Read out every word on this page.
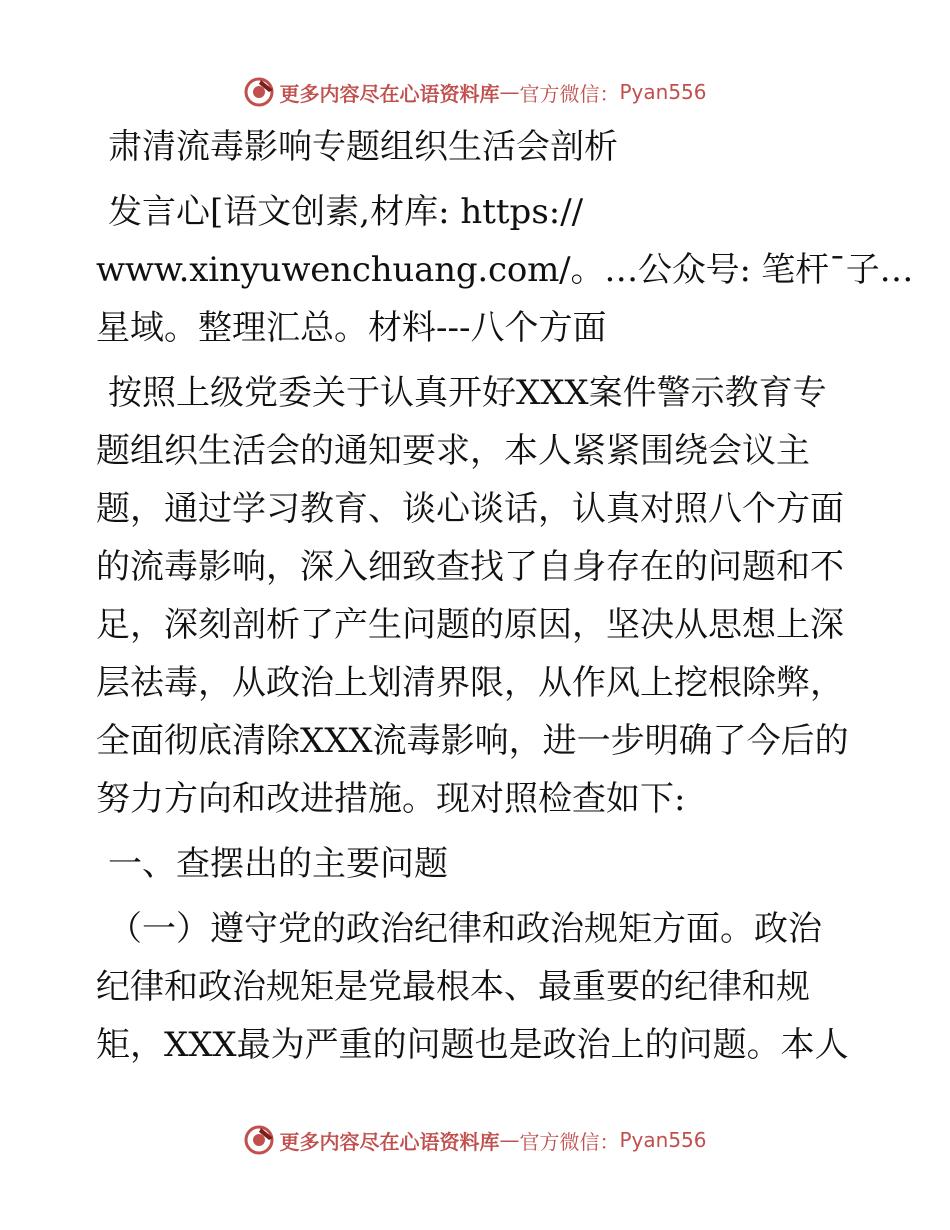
更多内容尽在心语资料库 — 官方微信： Pyan556
肃清流毒影响专题组织生活会剖析
发言心[语文创素,材库: https://
www.xinyuwenchuang.com/。…公众号: 笔杆¯子…
星域。整理汇总。材料---八个方面
按照上级党委关于认真开好XXX案件警示教育专
题组织生活会的通知要求，本人紧紧围绕会议主
题，通过学习教育、谈心谈话，认真对照八个方面
的流毒影响，深入细致查找了自身存在的问题和不
足，深刻剖析了产生问题的原因，坚决从思想上深
层祛毒，从政治上划清界限，从作风上挖根除弊，
全面彻底清除XXX流毒影响，进一步明确了今后的
努力方向和改进措施。现对照检查如下:
一、查摆出的主要问题
（一）遵守党的政治纪律和政治规矩方面。政治
纪律和政治规矩是党最根本、最重要的纪律和规
矩，XXX最为严重的问题也是政治上的问题。本人
更多内容尽在心语资料库 — 官方微信： Pyan556
